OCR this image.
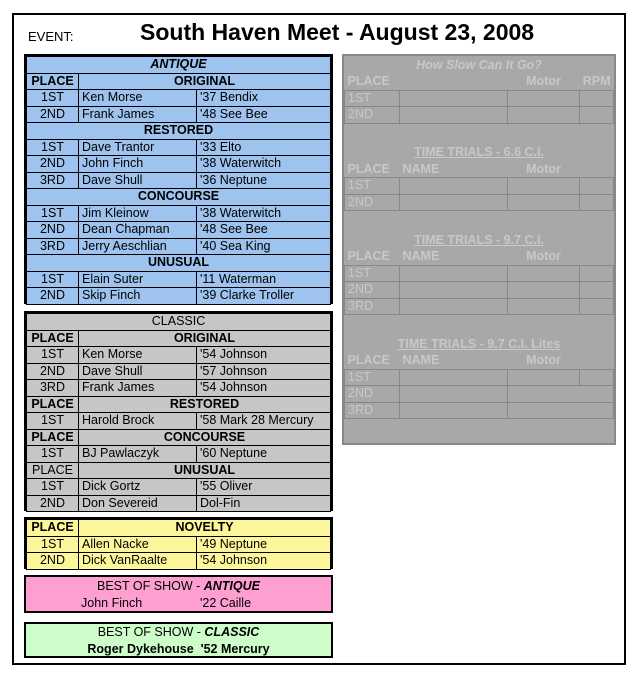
EVENT:	South Haven Meet - August 23, 2008
ANTIQUE		
PLACE	ORIGINAL	
1ST	Ken Morse	'37 Bendix
2ND	Frank James	'48 See Bee
RESTORED		
1ST	Dave Trantor	'33 Elto
2ND	John Finch	'38 Waterwitch
3RD	Dave Shull	'36 Neptune
CONCOURSE		
1ST	Jim Kleinow	'38 Waterwitch
2ND	Dean Chapman	'48 See Bee
3RD	Jerry Aeschlian	'40 Sea King
UNUSUAL		
1ST	Elain Suter	'11 Waterman
2ND	Skip Finch	'39 Clarke Troller
CLASSIC		
PLACE	ORIGINAL	
1ST	Ken Morse	'54 Johnson
2ND	Dave Shull	'57 Johnson
3RD	Frank James	'54 Johnson
PLACE	RESTORED	
1ST	Harold Brock	'58 Mark 28 Mercury
PLACE	CONCOURSE	
1ST	BJ Pawlaczyk	'60 Neptune
PLACE	UNUSUAL	
1ST	Dick Gortz	'55 Oliver
2ND	Don Severeid	Dol-Fin
PLACE	NOVELTY	
1ST	Allen Nacke	'49 Neptune
2ND	Dick VanRaalte	'54 Johnson
BEST OF SHOW - ANTIQUE
John Finch	'22 Caille

BEST OF SHOW - CLASSIC
Roger Dykehouse '52 Mercury
How Slow Can It Go?			
PLACE		Motor	RPM
1ST			
2ND			

TIME TRIALS - 6.6 C.I.			
PLACE	NAME	Motor	
1ST			
2ND			

TIME TRIALS - 9.7 C.I.			
PLACE	NAME	Motor	
1ST			
2ND			
3RD			

TIME TRIALS - 9.7 C.I. Lites			
PLACE	NAME	Motor	
1ST			
2ND			
3RD			
